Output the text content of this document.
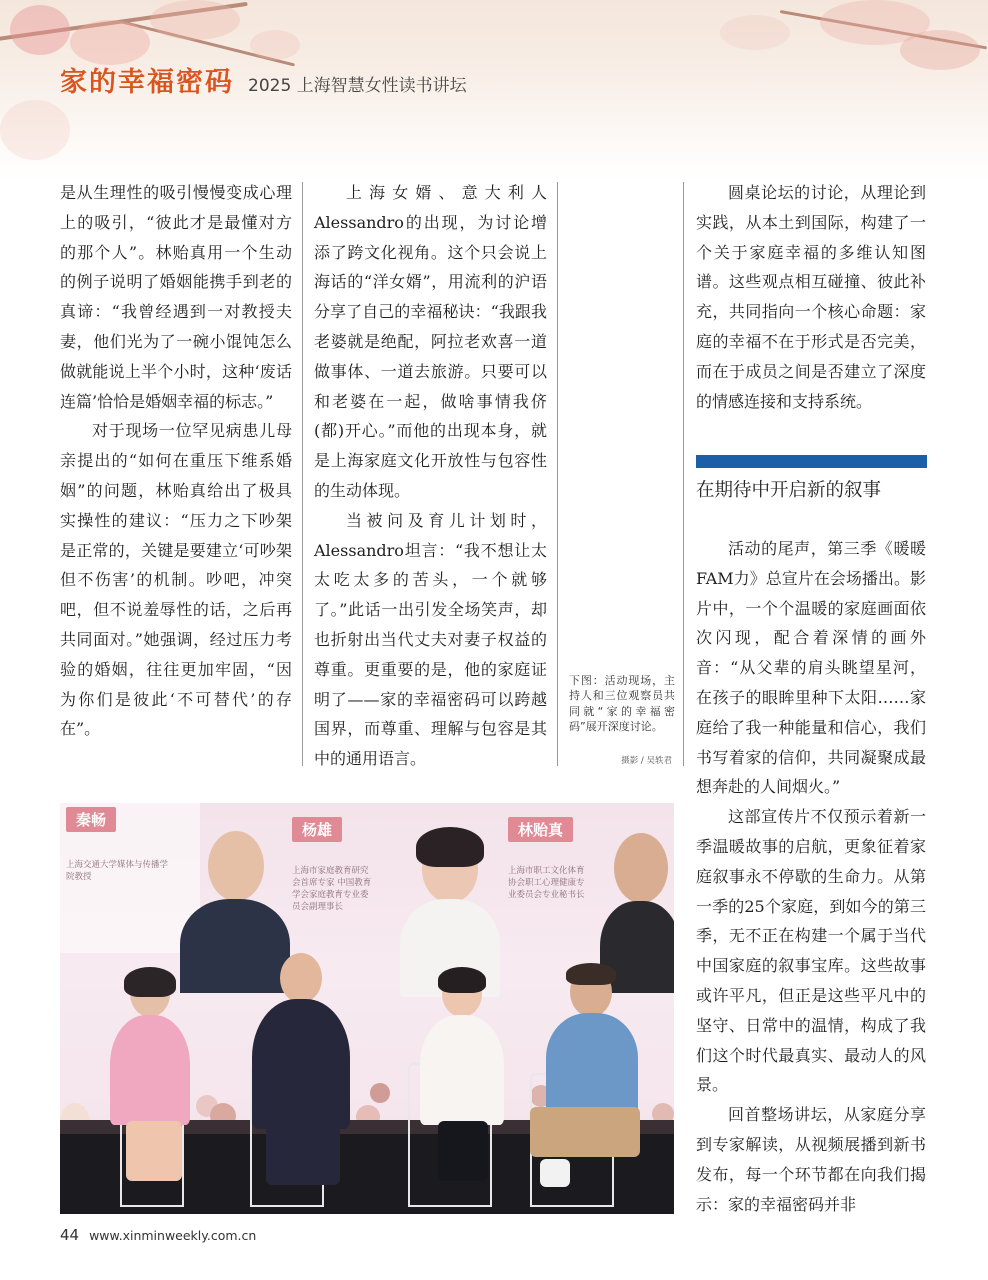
家的幸福密码 2025 上海智慧女性读书讲坛

是从生理性的吸引慢慢变成心理上的吸引，“彼此才是最懂对方的那个人”。林贻真用一个生动的例子说明了婚姻能携手到老的真谛：“我曾经遇到一对教授夫妻，他们光为了一碗小馄饨怎么做就能说上半个小时，这种‘废话连篇’恰恰是婚姻幸福的标志。”

对于现场一位罕见病患儿母亲提出的“如何在重压下维系婚姻”的问题，林贻真给出了极具实操性的建议：“压力之下吵架是正常的，关键是要建立‘可吵架但不伤害’的机制。吵吧，冲突吧，但不说羞辱性的话，之后再共同面对。”她强调，经过压力考验的婚姻，往往更加牢固，“因为你们是彼此‘不可替代’的存在”。

上海女婿、意大利人Alessandro的出现，为讨论增添了跨文化视角。这个只会说上海话的“洋女婿”，用流利的沪语分享了自己的幸福秘诀：“我跟我老婆就是绝配，阿拉老欢喜一道做事体、一道去旅游。只要可以和老婆在一起，做啥事情我侪(都)开心。”而他的出现本身，就是上海家庭文化开放性与包容性的生动体现。

当被问及育儿计划时，Alessandro坦言：“我不想让太太吃太多的苦头，一个就够了。”此话一出引发全场笑声，却也折射出当代丈夫对妻子权益的尊重。更重要的是，他的家庭证明了——家的幸福密码可以跨越国界，而尊重、理解与包容是其中的通用语言。

下图：活动现场，主持人和三位观察员共同就“家的幸福密码”展开深度讨论。
摄影 / 吴轶君

圆桌论坛的讨论，从理论到实践，从本土到国际，构建了一个关于家庭幸福的多维认知图谱。这些观点相互碰撞、彼此补充，共同指向一个核心命题：家庭的幸福不在于形式是否完美，而在于成员之间是否建立了深度的情感连接和支持系统。

在期待中开启新的叙事

活动的尾声，第三季《暖暖FAM力》总宣片在会场播出。影片中，一个个温暖的家庭画面依次闪现，配合着深情的画外音：“从父辈的肩头眺望星河，在孩子的眼眸里种下太阳……家庭给了我一种能量和信心，我们书写着家的信仰，共同凝聚成最想奔赴的人间烟火。”

这部宣传片不仅预示着新一季温暖故事的启航，更象征着家庭叙事永不停歇的生命力。从第一季的25个家庭，到如今的第三季，无不正在构建一个属于当代中国家庭的叙事宝库。这些故事或许平凡，但正是这些平凡中的坚守、日常中的温情，构成了我们这个时代最真实、最动人的风景。

回首整场讲坛，从家庭分享到专家解读，从视频展播到新书发布，每一个环节都在向我们揭示：家的幸福密码并非

秦畅
上海交通大学媒体与传播学院教授
杨雄
上海市家庭教育研究会首席专家 中国教育学会家庭教育专业委员会副理事长
林贻真
上海市职工文化体育协会职工心理健康专业委员会专业秘书长
44 www.xinminweekly.com.cn
